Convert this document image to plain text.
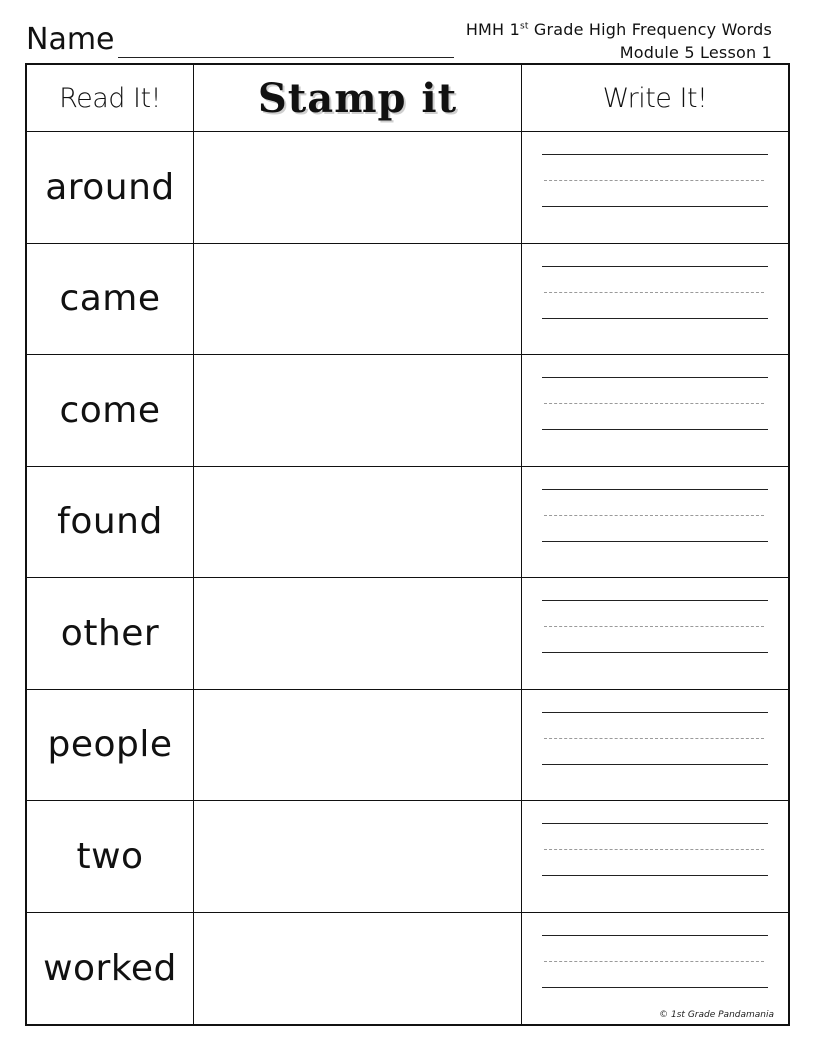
Name	HMH 1st Grade High Frequency Words
Module 5 Lesson 1
Read It!	Stamp it	Write It!
around
came
come
found
other
people
two
worked
© 1st Grade Pandamania
